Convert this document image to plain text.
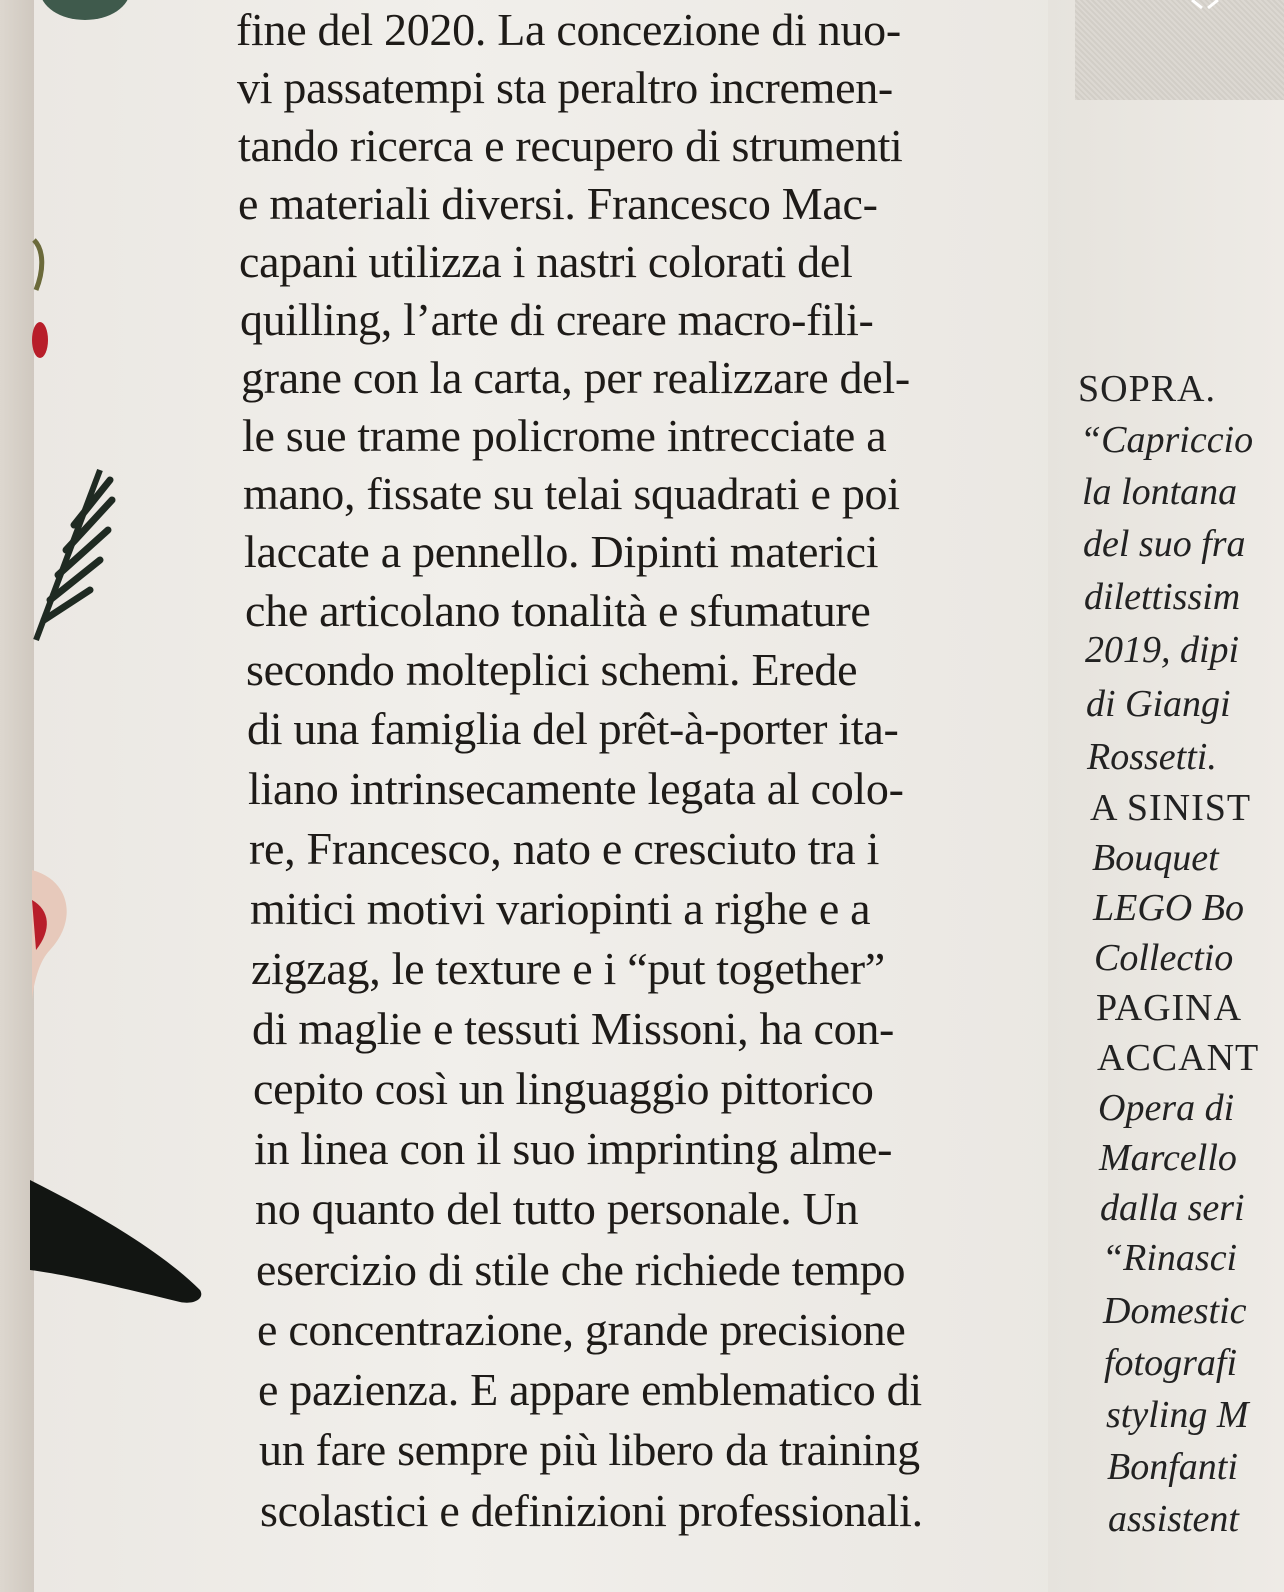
fine del 2020. La concezione di nuo-
vi passatempi sta peraltro incremen-
tando ricerca e recupero di strumenti
e materiali diversi. Francesco Mac-
capani utilizza i nastri colorati del
quilling, l’arte di creare macro-fili-
grane con la carta, per realizzare del-
le sue trame policrome intrecciate a
mano, fissate su telai squadrati e poi
laccate a pennello. Dipinti materici
che articolano tonalità e sfumature
secondo molteplici schemi. Erede
di una famiglia del prêt-à-porter ita-
liano intrinsecamente legata al colo-
re, Francesco, nato e cresciuto tra i
mitici motivi variopinti a righe e a
zigzag, le texture e i “put together”
di maglie e tessuti Missoni, ha con-
cepito così un linguaggio pittorico
in linea con il suo imprinting alme-
no quanto del tutto personale. Un
esercizio di stile che richiede tempo
e concentrazione, grande precisione
e pazienza. E appare emblematico di
un fare sempre più libero da training
scolastici e definizioni professionali.
SOPRA.
“Capriccio
la lontana
del suo fra
dilettissim
2019, dipi
di Giangi
Rossetti.
A SINIST
Bouquet
LEGO Bo
Collectio
PAGINA
ACCANT
Opera di
Marcello
dalla seri
“Rinasci
Domestic
fotografi
styling M
Bonfanti
assistent
